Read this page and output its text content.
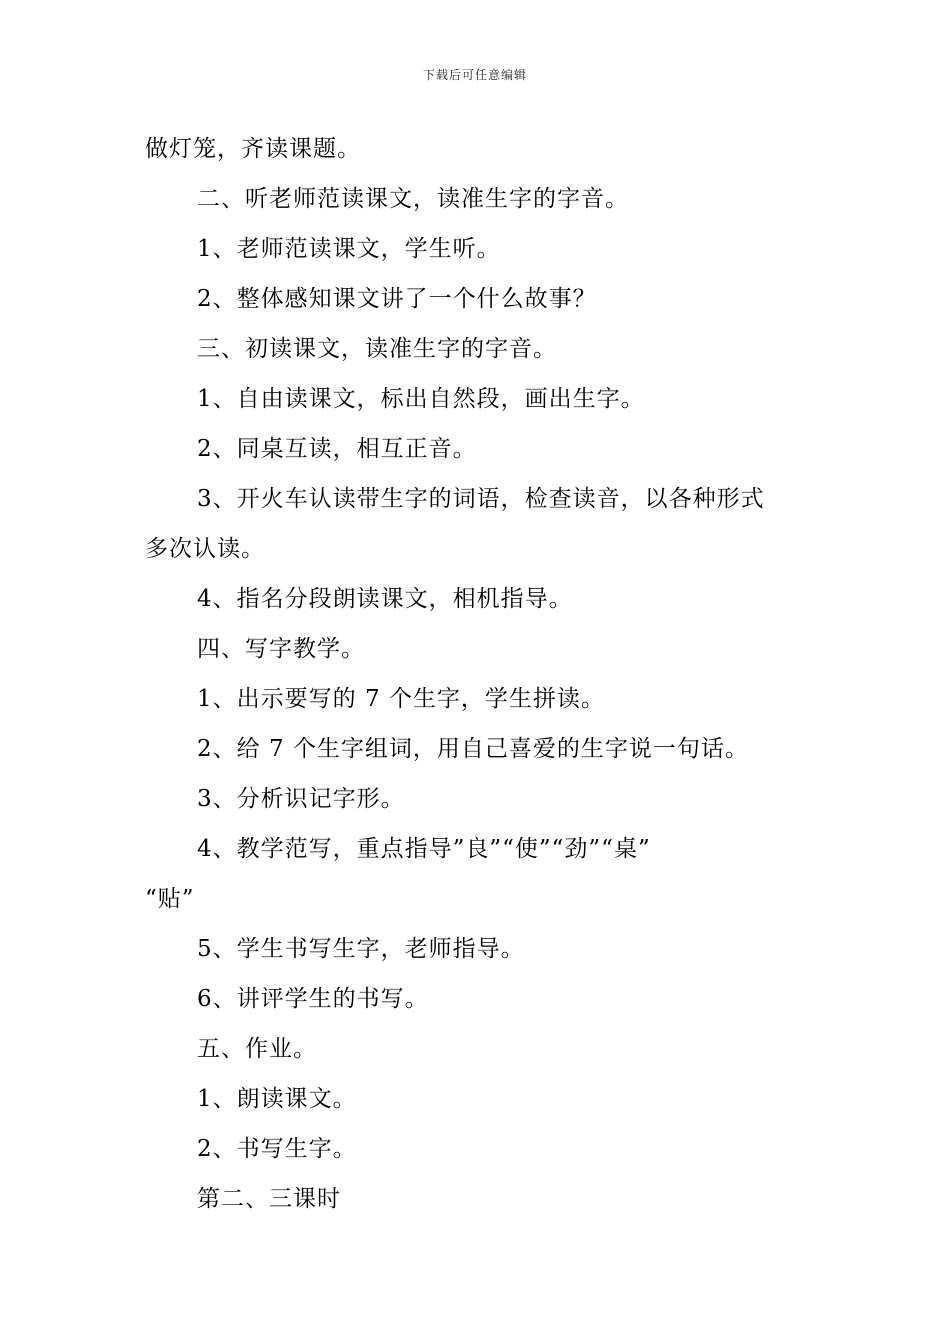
下载后可任意编辑
做灯笼，齐读课题。
二、听老师范读课文，读准生字的字音。
1、老师范读课文，学生听。
2、整体感知课文讲了一个什么故事？
三、初读课文，读准生字的字音。
1、自由读课文，标出自然段，画出生字。
2、同桌互读，相互正音。
3、开火车认读带生字的词语，检查读音，以各种形式
多次认读。
4、指名分段朗读课文，相机指导。
四、写字教学。
1、出示要写的 7 个生字，学生拼读。
2、给 7 个生字组词，用自己喜爱的生字说一句话。
3、分析识记字形。
4、教学范写，重点指导”良”“使”“劲”“桌”
“贴”
5、学生书写生字，老师指导。
6、讲评学生的书写。
五、作业。
1、朗读课文。
2、书写生字。
第二、三课时
